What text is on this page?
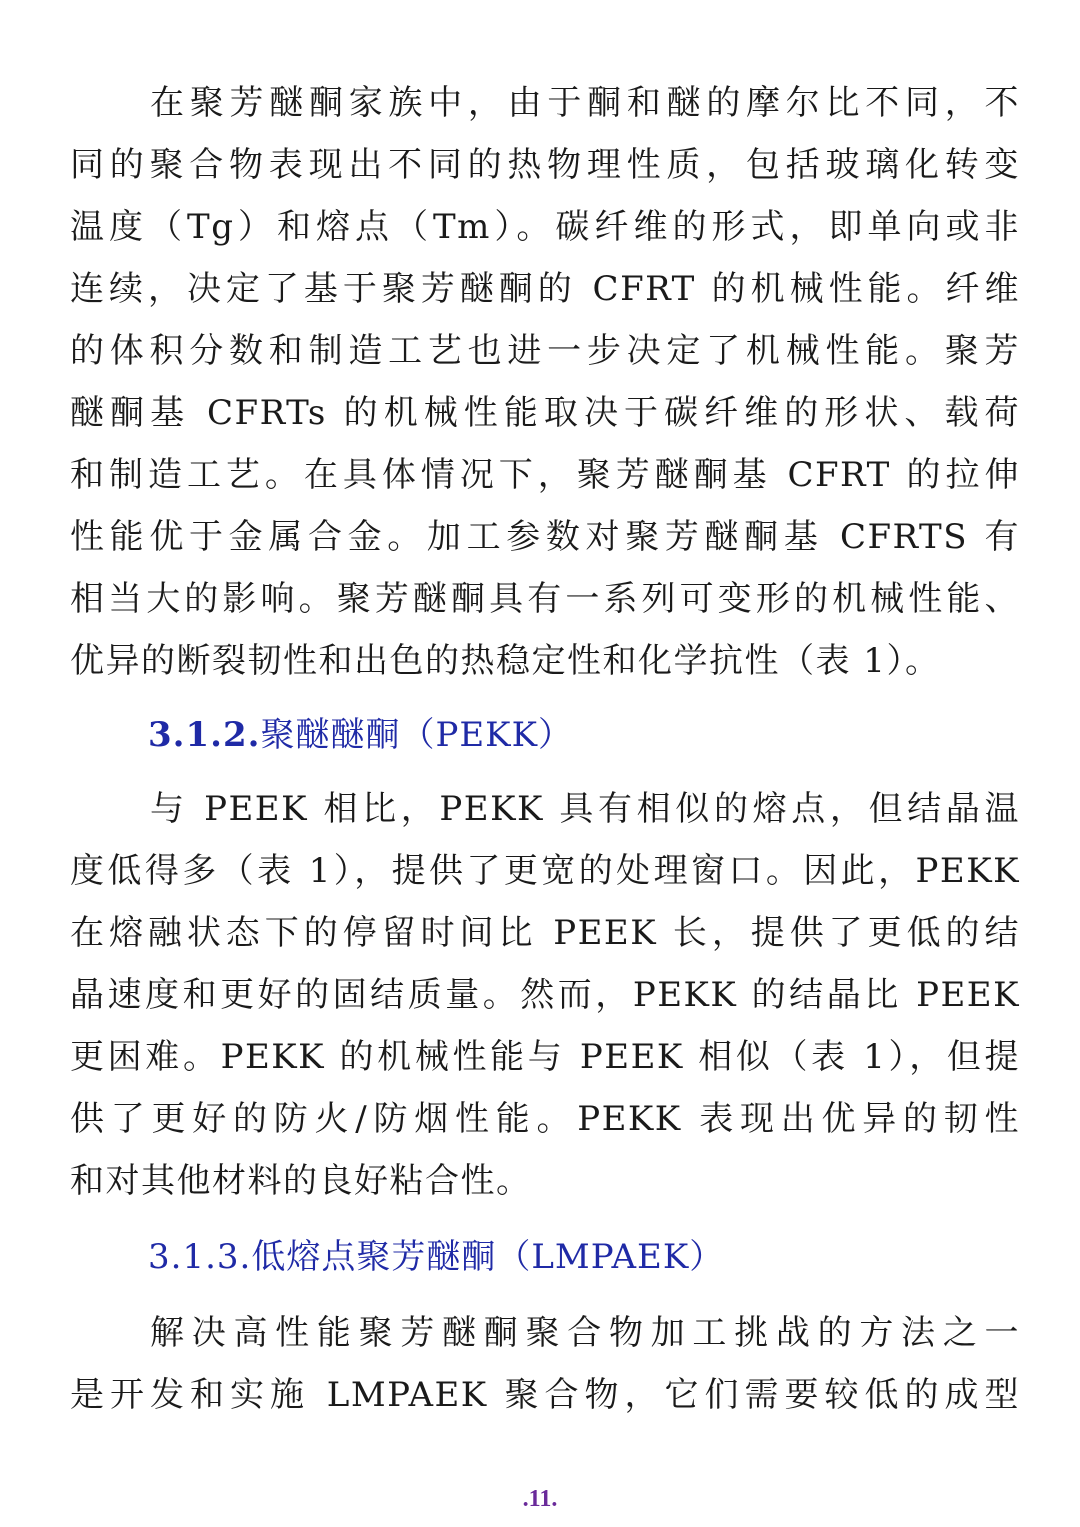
在聚芳醚酮家族中，由于酮和醚的摩尔比不同，不
同的聚合物表现出不同的热物理性质，包括玻璃化转变
温度（Tg）和熔点（Tm）。碳纤维的形式，即单向或非
连续，决定了基于聚芳醚酮的 CFRT 的机械性能。纤维
的体积分数和制造工艺也进一步决定了机械性能。聚芳
醚酮基 CFRTs 的机械性能取决于碳纤维的形状、载荷
和制造工艺。在具体情况下，聚芳醚酮基 CFRT 的拉伸
性能优于金属合金。加工参数对聚芳醚酮基 CFRTS 有
相当大的影响。聚芳醚酮具有一系列可变形的机械性能、
优异的断裂韧性和出色的热稳定性和化学抗性（表 1）。
3.1.2.聚醚醚酮（PEKK）
与 PEEK 相比，PEKK 具有相似的熔点，但结晶温
度低得多（表 1），提供了更宽的处理窗口。因此，PEKK
在熔融状态下的停留时间比 PEEK 长，提供了更低的结
晶速度和更好的固结质量。然而，PEKK 的结晶比 PEEK
更困难。PEKK 的机械性能与 PEEK 相似（表 1），但提
供了更好的防火/防烟性能。PEKK 表现出优异的韧性
和对其他材料的良好粘合性。
3.1.3.低熔点聚芳醚酮（LMPAEK）
解决高性能聚芳醚酮聚合物加工挑战的方法之一
是开发和实施 LMPAEK 聚合物，它们需要较低的成型
.11.
